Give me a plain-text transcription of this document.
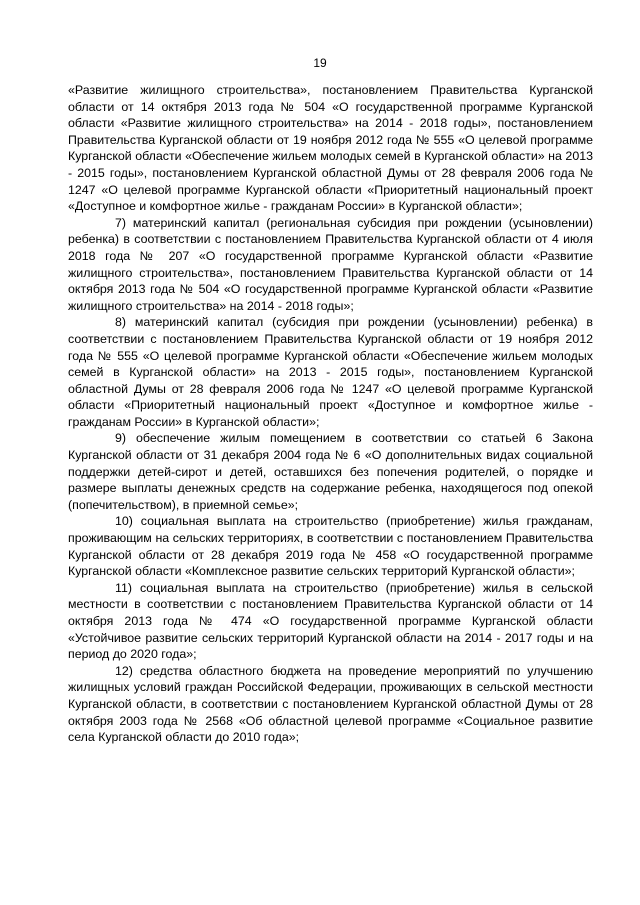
19

«Развитие жилищного строительства», постановлением Правительства Курганской области от 14 октября 2013 года № 504 «О государственной программе Курганской области «Развитие жилищного строительства» на 2014 - 2018 годы», постановлением Правительства Курганской области от 19 ноября 2012 года № 555 «О целевой программе Курганской области «Обеспечение жильем молодых семей в Курганской области» на 2013 - 2015 годы», постановлением Курганской областной Думы от 28 февраля 2006 года № 1247 «О целевой программе Курганской области «Приоритетный национальный проект «Доступное и комфортное жилье - гражданам России» в Курганской области»;

7) материнский капитал (региональная субсидия при рождении (усыновлении) ребенка) в соответствии с постановлением Правительства Курганской области от 4 июля 2018 года № 207 «О государственной программе Курганской области «Развитие жилищного строительства», постановлением Правительства Курганской области от 14 октября 2013 года № 504 «О государственной программе Курганской области «Развитие жилищного строительства» на 2014 - 2018 годы»;

8) материнский капитал (субсидия при рождении (усыновлении) ребенка) в соответствии с постановлением Правительства Курганской области от 19 ноября 2012 года № 555 «О целевой программе Курганской области «Обеспечение жильем молодых семей в Курганской области» на 2013 - 2015 годы», постановлением Курганской областной Думы от 28 февраля 2006 года № 1247 «О целевой программе Курганской области «Приоритетный национальный проект «Доступное и комфортное жилье - гражданам России» в Курганской области»;

9) обеспечение жилым помещением в соответствии со статьей 6 Закона Курганской области от 31 декабря 2004 года № 6 «О дополнительных видах социальной поддержки детей-сирот и детей, оставшихся без попечения родителей, о порядке и размере выплаты денежных средств на содержание ребенка, находящегося под опекой (попечительством), в приемной семье»;

10) социальная выплата на строительство (приобретение) жилья гражданам, проживающим на сельских территориях, в соответствии с постановлением Правительства Курганской области от 28 декабря 2019 года № 458 «О государственной программе Курганской области «Комплексное развитие сельских территорий Курганской области»;

11) социальная выплата на строительство (приобретение) жилья в сельской местности в соответствии с постановлением Правительства Курганской области от 14 октября 2013 года № 474 «О государственной программе Курганской области «Устойчивое развитие сельских территорий Курганской области на 2014 - 2017 годы и на период до 2020 года»;

12) средства областного бюджета на проведение мероприятий по улучшению жилищных условий граждан Российской Федерации, проживающих в сельской местности Курганской области, в соответствии с постановлением Курганской областной Думы от 28 октября 2003 года № 2568 «Об областной целевой программе «Социальное развитие села Курганской области до 2010 года»;
